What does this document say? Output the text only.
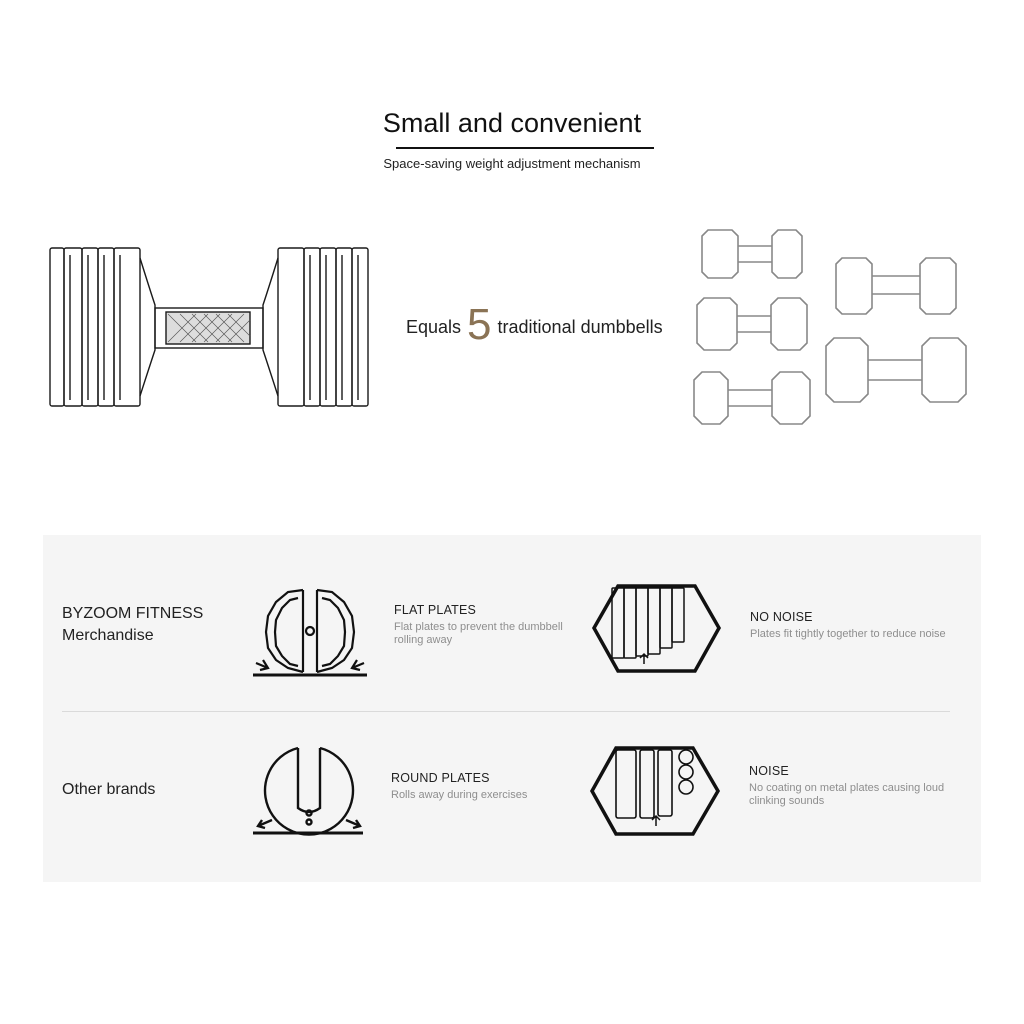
Small and convenient
Space-saving weight adjustment mechanism
Equals 5 traditional dumbbells
BYZOOM FITNESS
Merchandise
FLAT PLATES
Flat plates to prevent the dumbbell rolling away
NO NOISE
Plates fit tightly together to reduce noise
Other brands
ROUND PLATES
Rolls away during exercises
NOISE
No coating on metal plates causing loud clinking sounds
